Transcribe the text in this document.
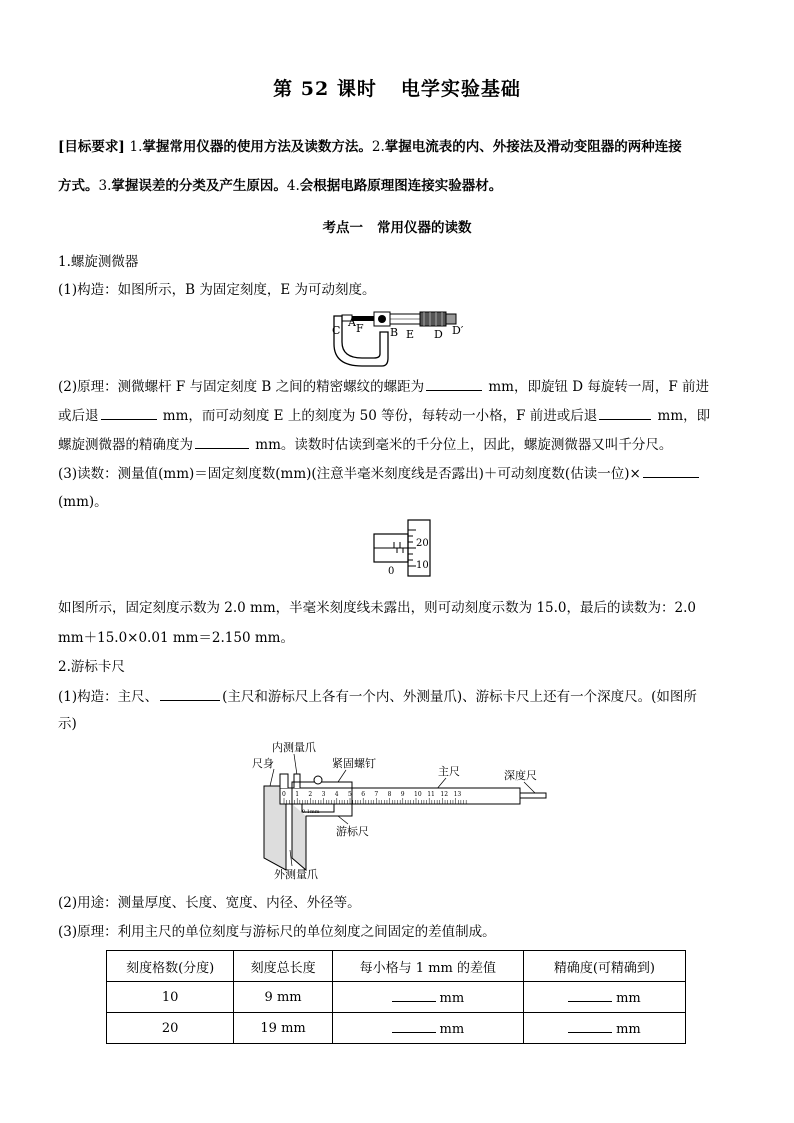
第 52 课时 电学实验基础
[目标要求] 1.掌握常用仪器的使用方法及读数方法。2.掌握电流表的内、外接法及滑动变阻器的两种连接
方式。3.掌握误差的分类及产生原因。4.会根据电路原理图连接实验器材。
考点一 常用仪器的读数
1.螺旋测微器
(1)构造：如图所示，B 为固定刻度，E 为可动刻度。
C
A F B E D D′
(2)原理：测微螺杆 F 与固定刻度 B 之间的精密螺纹的螺距为	mm，即旋钮 D 每旋转一周，F 前进
或后退	mm，而可动刻度 E 上的刻度为 50 等份，每转动一小格，F 前进或后退	mm，即
螺旋测微器的精确度为	mm。读数时估读到毫米的千分位上，因此，螺旋测微器又叫千分尺。
(3)读数：测量值(mm)＝固定刻度数(mm)(注意半毫米刻度线是否露出)＋可动刻度数(估读一位)×
(mm)。
20
10
0
如图所示，固定刻度示数为 2.0 mm，半毫米刻度线未露出，则可动刻度示数为 15.0，最后的读数为：2.0
mm＋15.0×0.01 mm＝2.150 mm。
2.游标卡尺
(1)构造：主尺、	(主尺和游标尺上各有一个内、外测量爪)、游标卡尺上还有一个深度尺。(如图所
示)
内测量爪
尺身	紧固螺钉
主尺	深度尺
游标尺
外测量爪
0 1 2 3 4 5 6 7 8 9 10 11 12 13
0.1mm
(2)用途：测量厚度、长度、宽度、内径、外径等。
(3)原理：利用主尺的单位刻度与游标尺的单位刻度之间固定的差值制成。
刻度格数(分度)	刻度总长度	每小格与 1 mm 的差值	精确度(可精确到)
10	9 mm	mm	mm
20	19 mm	mm	mm
